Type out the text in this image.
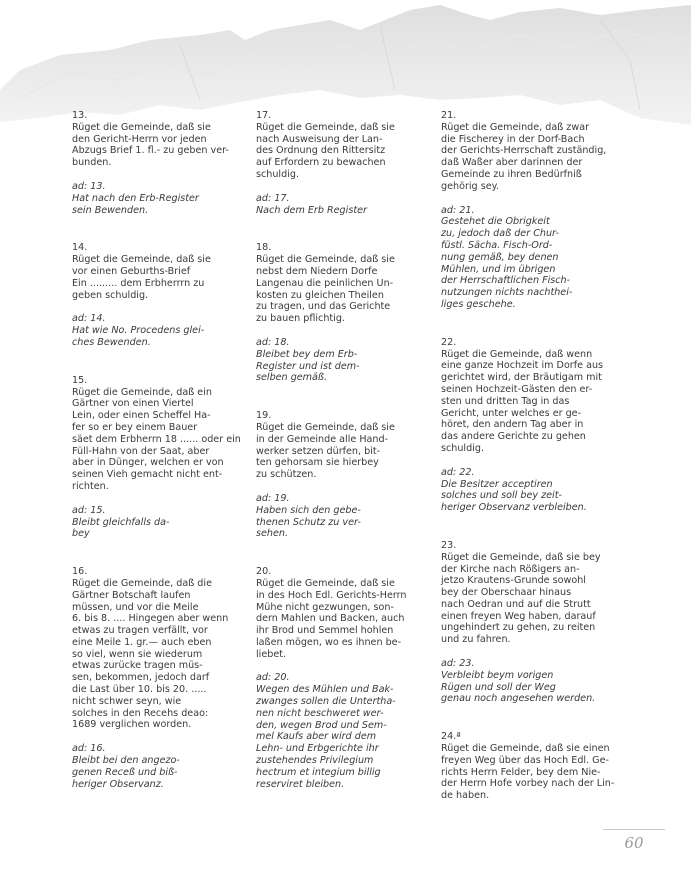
13.

Rüget die Gemeinde, daß sie
den Gericht-Herrn vor jeden
Abzugs Brief 1. fl.- zu geben ver-
bunden.

ad: 13.
Hat nach den Erb-Register
sein Bewenden.

14.

Rüget die Gemeinde, daß sie
vor einen Geburths-Brief
Ein ......... dem Erbherrrn zu
geben schuldig.

ad: 14.
Hat wie No. Procedens glei-
ches Bewenden.

15.

Rüget die Gemeinde, daß ein
Gärtner von einen Viertel
Lein, oder einen Scheffel Ha-
fer so er bey einem Bauer
säet dem Erbherrn 18 ...... oder ein
Füll-Hahn von der Saat, aber
aber in Dünger, welchen er von
seinen Vieh gemacht nicht ent-
richten.

ad: 15.
Bleibt gleichfalls da-
bey

16.

Rüget die Gemeinde, daß die
Gärtner Botschaft laufen
müssen, und vor die Meile
6. bis 8. .... Hingegen aber wenn
etwas zu tragen verfällt, vor
eine Meile 1. gr.— auch eben
so viel, wenn sie wiederum
etwas zurücke tragen müs-
sen, bekommen, jedoch darf
die Last über 10. bis 20. .....
nicht schwer seyn, wie
solches in den Recehs deao:
1689 verglichen worden.

ad: 16.
Bleibt bei den angezo-
genen Receß und biß-
heriger Observanz.

17.

Rüget die Gemeinde, daß sie
nach Ausweisung der Lan-
des Ordnung den Rittersitz
auf Erfordern zu bewachen
schuldig.

ad: 17.
Nach dem Erb Register

18.

Rüget die Gemeinde, daß sie
nebst dem Niedern Dorfe
Langenau die peinlichen Un-
kosten zu gleichen Theilen
zu tragen, und das Gerichte
zu bauen pflichtig.

ad: 18.
Bleibet bey dem Erb-
Register und ist dem-
selben gemäß.

19.

Rüget die Gemeinde, daß sie
in der Gemeinde alle Hand-
werker setzen dürfen, bit-
ten gehorsam sie hierbey
zu schützen.

ad: 19.
Haben sich den gebe-
thenen Schutz zu ver-
sehen.

20.

Rüget die Gemeinde, daß sie
in des Hoch Edl. Gerichts-Herrn
Mühe nicht gezwungen, son-
dern Mahlen und Backen, auch
ihr Brod und Semmel hohlen
laßen mögen, wo es ihnen be-
liebet.

ad: 20.
Wegen des Mühlen und Bak-
zwanges sollen die Unterthа-
nen nicht beschweret wer-
den, wegen Brod und Sem-
mel Kaufs aber wird dem
Lehn- und Erbgerichte ihr
zustehendes Privilegium
hectrum et integium billig
reserviret bleiben.

21.

Rüget die Gemeinde, daß zwar
die Fischerey in der Dorf-Bach
der Gerichts-Herrschaft zuständig,
daß Waßer aber darinnen der
Gemeinde zu ihren Bedürfniß
gehörig sey.

ad: 21.
Gestehet die Obrigkeit
zu, jedoch daß der Chur-
füstl. Sächa. Fisch-Ord-
nung gemäß, bey denen
Mühlen, und im übrigen
der Herrschaftlichen Fisch-
nutzungen nichts nachthei-
liges geschehe.

22.

Rüget die Gemeinde, daß wenn
eine ganze Hochzeit im Dorfe aus
gerichtet wird, der Bräutigam mit
seinen Hochzeit-Gästen den er-
sten und dritten Tag in das
Gericht, unter welches er ge-
höret, den andern Tag aber in
das andere Gerichte zu gehen
schuldig.

ad: 22.
Die Besitzer acceptiren
solches und soll bey zeit-
heriger Observanz verbleiben.

23.

Rüget die Gemeinde, daß sie bey
der Kirche nach Rößigers an-
jetzo Krautens-Grunde sowohl
bey der Oberschaar hinaus
nach Oedran und auf die Strutt
einen freyen Weg haben, darauf
ungehindert zu gehen, zu reiten
und zu fahren.

ad: 23.
Verbleibt beym vorigen
Rügen und soll der Weg
genau noch angesehen werden.

24.ª

Rüget die Gemeinde, daß sie einen
freyen Weg über das Hoch Edl. Ge-
richts Herrn Felder, bey dem Nie-
der Herrn Hofe vorbey nach der Lin-
de haben.

60
